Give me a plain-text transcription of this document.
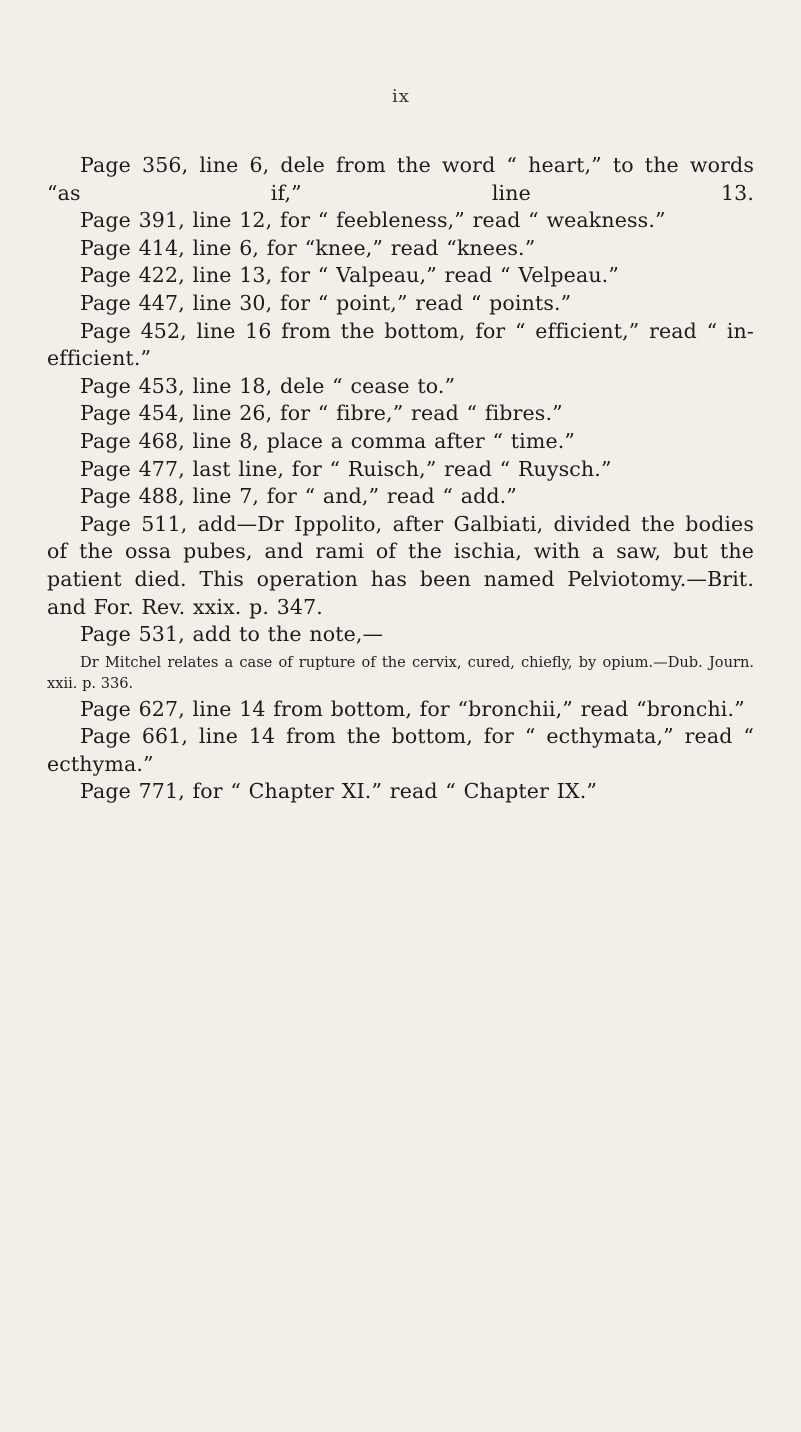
ix

Page 356, line 6, dele from the word “ heart,” to the words “as if,” line 13.

Page 391, line 12, for “ feebleness,” read “ weakness.”

Page 414, line 6, for “knee,” read “knees.”

Page 422, line 13, for “ Valpeau,” read “ Velpeau.”

Page 447, line 30, for “ point,” read “ points.”

Page 452, line 16 from the bottom, for “ efficient,” read “ in-efficient.”

Page 453, line 18, dele “ cease to.”

Page 454, line 26, for “ fibre,” read “ fibres.”

Page 468, line 8, place a comma after “ time.”

Page 477, last line, for “ Ruisch,” read “ Ruysch.”

Page 488, line 7, for “ and,” read “ add.”

Page 511, add—Dr Ippolito, after Galbiati, divided the bodies of the ossa pubes, and rami of the ischia, with a saw, but the patient died. This operation has been named Pelviotomy.—Brit. and For. Rev. xxix. p. 347.

Page 531, add to the note,—

Dr Mitchel relates a case of rupture of the cervix, cured, chiefly, by opium.—Dub. Journ. xxii. p. 336.

Page 627, line 14 from bottom, for “bronchii,” read “bronchi.”

Page 661, line 14 from the bottom, for “ ecthymata,” read “ ecthyma.”

Page 771, for “ Chapter XI.” read “ Chapter IX.”
